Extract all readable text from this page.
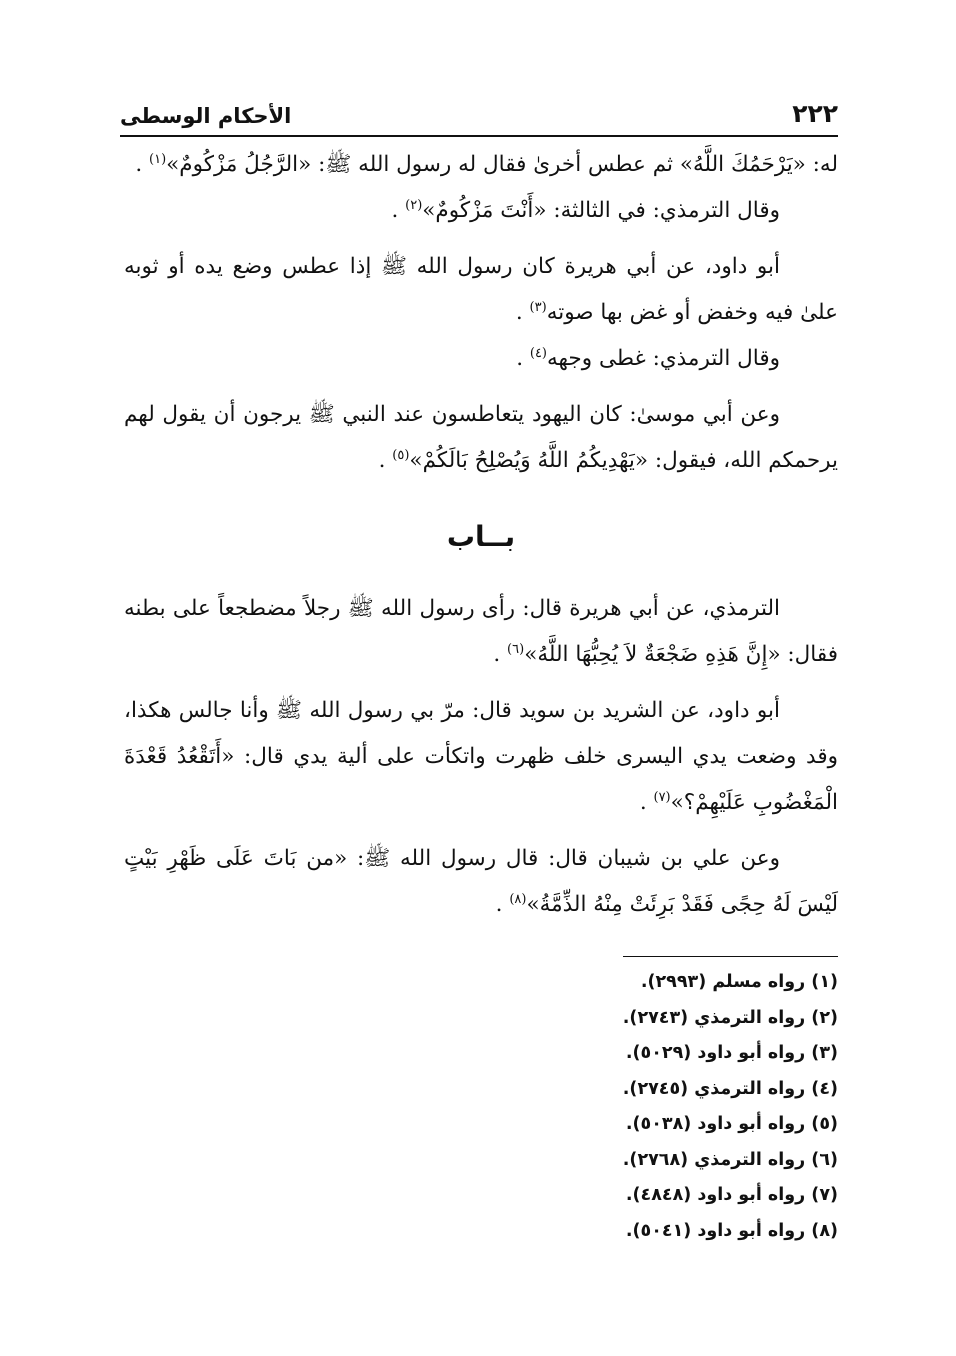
٢٢٢
الأحكام الوسطى

له: «يَرْحَمُكَ اللَّهُ» ثم عطس أخرىٰ فقال له رسول الله ﷺ: «الرَّجُلُ مَزْكُومٌ»$^{(١)}$ .

وقال الترمذي: في الثالثة: «أَنْتَ مَزْكُومٌ»$^{(٢)}$ .

أبو داود، عن أبي هريرة كان رسول الله ﷺ إذا عطس وضع يده أو ثوبه علىٰ فيه وخفض أو غض بها صوته$^{(٣)}$ .

وقال الترمذي: غطى وجهه$^{(٤)}$ .

وعن أبي موسىٰ: كان اليهود يتعاطسون عند النبي ﷺ يرجون أن يقول لهم يرحمكم الله، فيقول: «يَهْدِيكُمُ اللَّهُ وَيُصْلِحُ بَالَكُمْ»$^{(٥)}$ .

بــاب

الترمذي، عن أبي هريرة قال: رأى رسول الله ﷺ رجلاً مضطجعاً على بطنه فقال: «إِنَّ هَذِهِ ضَجْعَةٌ لاَ يُحِبُّهَا اللَّهُ»$^{(٦)}$ .

أبو داود، عن الشريد بن سويد قال: مرّ بي رسول الله ﷺ وأنا جالس هكذا، وقد وضعت يدي اليسرى خلف ظهرت واتكأت على ألية يدي قال: «أَتَقْعُدُ قَعْدَةَ الْمَغْضُوبِ عَلَيْهِمْ؟»$^{(٧)}$ .

وعن علي بن شيبان قال: قال رسول الله ﷺ: «من بَاتَ عَلَى ظَهْرِ بَيْتٍ لَيْسَ لَهُ حِجًى فَقَدْ بَرِئَتْ مِنْهُ الذِّمَّةُ»$^{(٨)}$ .

(١) رواه مسلم (٢٩٩٣).
(٢) رواه الترمذي (٢٧٤٣).
(٣) رواه أبو داود (٥٠٢٩).
(٤) رواه الترمذي (٢٧٤٥).
(٥) رواه أبو داود (٥٠٣٨).
(٦) رواه الترمذي (٢٧٦٨).
(٧) رواه أبو داود (٤٨٤٨).
(٨) رواه أبو داود (٥٠٤١).
